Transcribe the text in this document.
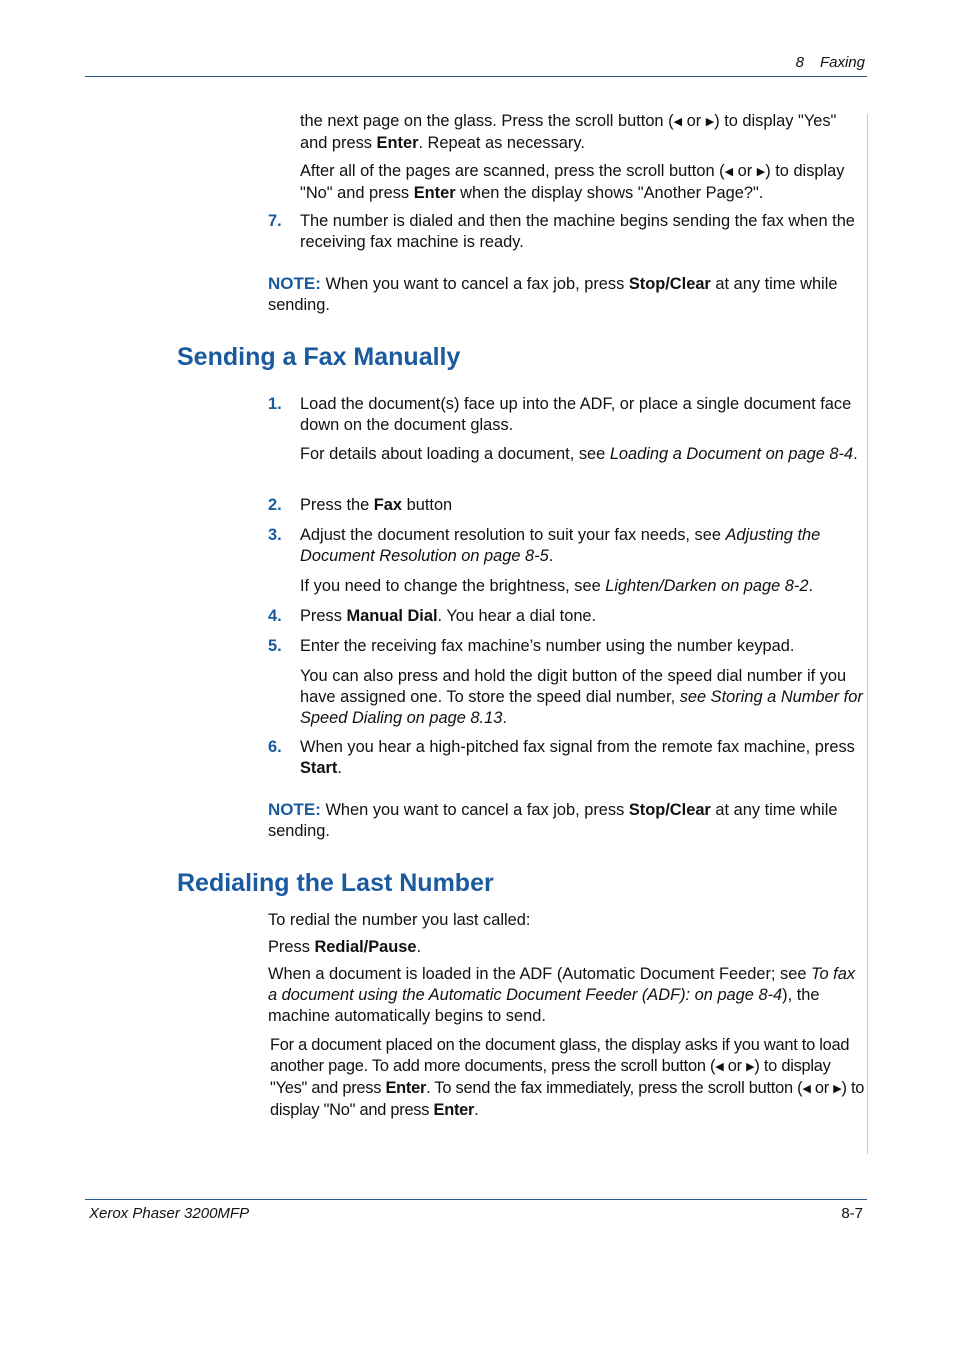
8 Faxing
the next page on the glass. Press the scroll button (◀ or ▶) to display "Yes" and press Enter. Repeat as necessary.
After all of the pages are scanned, press the scroll button (◀ or ▶) to display "No" and press Enter when the display shows "Another Page?".
7. The number is dialed and then the machine begins sending the fax when the receiving fax machine is ready.
NOTE: When you want to cancel a fax job, press Stop/Clear at any time while sending.
Sending a Fax Manually
1. Load the document(s) face up into the ADF, or place a single document face down on the document glass.
For details about loading a document, see Loading a Document on page 8-4.
2. Press the Fax button
3. Adjust the document resolution to suit your fax needs, see Adjusting the Document Resolution on page 8-5.
If you need to change the brightness, see Lighten/Darken on page 8-2.
4. Press Manual Dial. You hear a dial tone.
5. Enter the receiving fax machine’s number using the number keypad.
You can also press and hold the digit button of the speed dial number if you have assigned one. To store the speed dial number, see Storing a Number for Speed Dialing on page 8.13.
6. When you hear a high-pitched fax signal from the remote fax machine, press Start.
NOTE: When you want to cancel a fax job, press Stop/Clear at any time while sending.
Redialing the Last Number
To redial the number you last called:
Press Redial/Pause.
When a document is loaded in the ADF (Automatic Document Feeder; see To fax a document using the Automatic Document Feeder (ADF): on page 8-4), the machine automatically begins to send.
For a document placed on the document glass, the display asks if you want to load another page. To add more documents, press the scroll button (◀ or ▶) to display "Yes" and press Enter. To send the fax immediately, press the scroll button (◀ or ▶) to display "No" and press Enter.
Xerox Phaser 3200MFP	8-7
